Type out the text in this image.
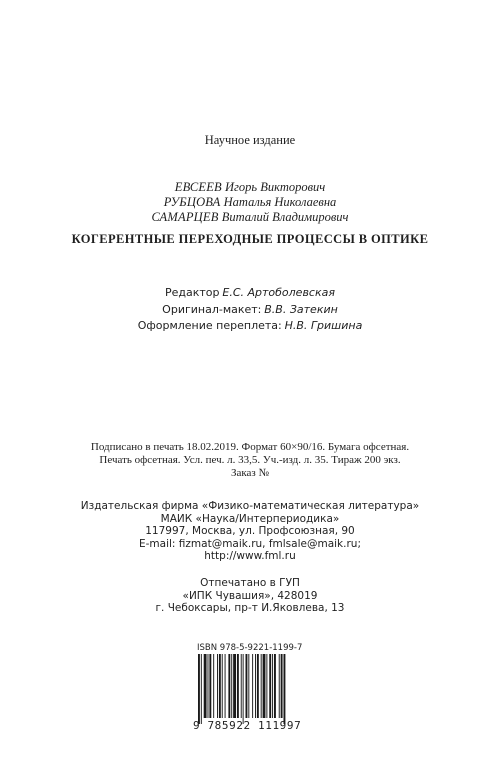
Научное издание
ЕВСЕЕВ Игорь Викторович
РУБЦОВА Наталья Николаевна
САМАРЦЕВ Виталий Владимирович
КОГЕРЕНТНЫЕ ПЕРЕХОДНЫЕ ПРОЦЕССЫ В ОПТИКЕ
Редактор Е.С. Артоболевская
Оригинал-макет: В.В. Затекин
Оформление переплета: Н.В. Гришина
Подписано в печать 18.02.2019. Формат 60×90/16. Бумага офсетная.
Печать офсетная. Усл. печ. л. 33,5. Уч.-изд. л. 35. Тираж 200 экз.
Заказ №
Издательская фирма «Физико-математическая литература»
МАИК «Наука/Интерпериодика»
117997, Москва, ул. Профсоюзная, 90
E-mail: fizmat@maik.ru, fmlsale@maik.ru;
http://www.fml.ru
Отпечатано в ГУП
«ИПК Чувашия», 428019
г. Чебоксары, пр-т И.Яковлева, 13
ISBN 978-5-9221-1199-7
9 785922 111997
